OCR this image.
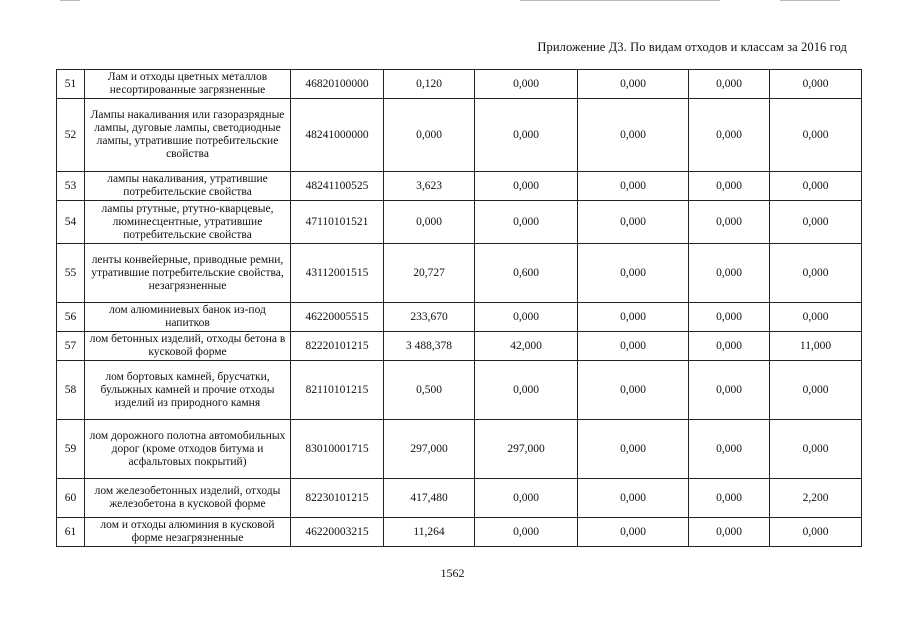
Приложение Д3. По видам отходов и классам за 2016 год
51	Лам и отходы цветных металлов несортированные загрязненные	46820100000	0,120	0,000	0,000	0,000	0,000
52	Лампы накаливания или газоразрядные лампы, дуговые лампы, светодиодные лампы, утратившие потребительские свойства	48241000000	0,000	0,000	0,000	0,000	0,000
53	лампы накаливания, утратившие потребительские свойства	48241100525	3,623	0,000	0,000	0,000	0,000
54	лампы ртутные, ртутно-кварцевые, люминесцентные, утратившие потребительские свойства	47110101521	0,000	0,000	0,000	0,000	0,000
55	ленты конвейерные, приводные ремни, утратившие потребительские свойства, незагрязненные	43112001515	20,727	0,600	0,000	0,000	0,000
56	лом алюминиевых банок из-под напитков	46220005515	233,670	0,000	0,000	0,000	0,000
57	лом бетонных изделий, отходы бетона в кусковой форме	82220101215	3 488,378	42,000	0,000	0,000	11,000
58	лом бортовых камней, брусчатки, булыжных камней и прочие отходы изделий из природного камня	82110101215	0,500	0,000	0,000	0,000	0,000
59	лом дорожного полотна автомобильных дорог (кроме отходов битума и асфальтовых покрытий)	83010001715	297,000	297,000	0,000	0,000	0,000
60	лом железобетонных изделий, отходы железобетона в кусковой форме	82230101215	417,480	0,000	0,000	0,000	2,200
61	лом и отходы алюминия в кусковой форме незагрязненные	46220003215	11,264	0,000	0,000	0,000	0,000
1562
